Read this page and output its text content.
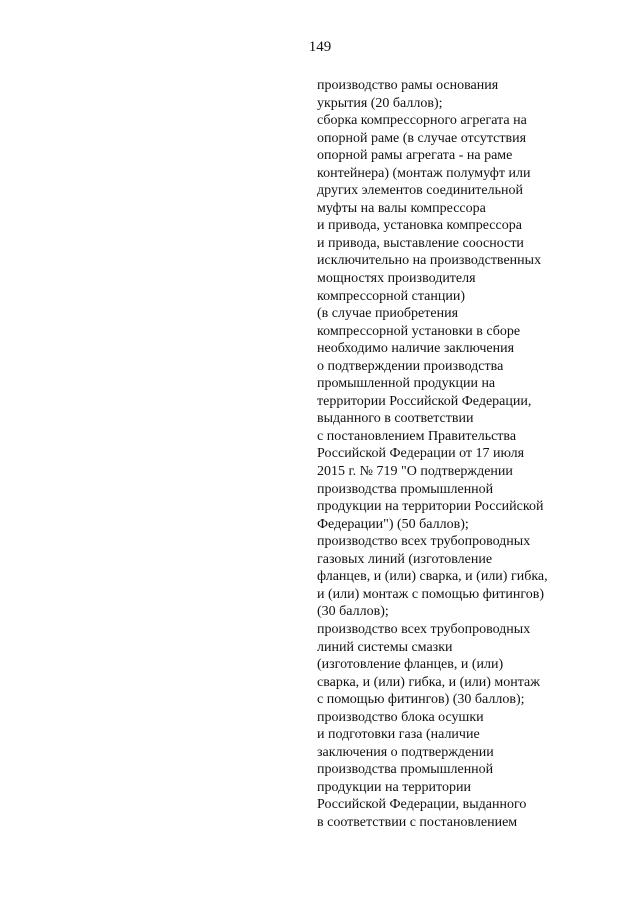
149
производство рамы основания
укрытия (20 баллов);
сборка компрессорного агрегата на
опорной раме (в случае отсутствия
опорной рамы агрегата - на раме
контейнера) (монтаж полумуфт или
других элементов соединительной
муфты на валы компрессора
и привода, установка компрессора
и привода, выставление соосности
исключительно на производственных
мощностях производителя
компрессорной станции)
(в случае приобретения
компрессорной установки в сборе
необходимо наличие заключения
о подтверждении производства
промышленной продукции на
территории Российской Федерации,
выданного в соответствии
с постановлением Правительства
Российской Федерации от 17 июля
2015 г. № 719 "О подтверждении
производства промышленной
продукции на территории Российской
Федерации") (50 баллов);
производство всех трубопроводных
газовых линий (изготовление
фланцев, и (или) сварка, и (или) гибка,
и (или) монтаж с помощью фитингов)
(30 баллов);
производство всех трубопроводных
линий системы смазки
(изготовление фланцев, и (или)
сварка, и (или) гибка, и (или) монтаж
с помощью фитингов) (30 баллов);
производство блока осушки
и подготовки газа (наличие
заключения о подтверждении
производства промышленной
продукции на территории
Российской Федерации, выданного
в соответствии с постановлением
